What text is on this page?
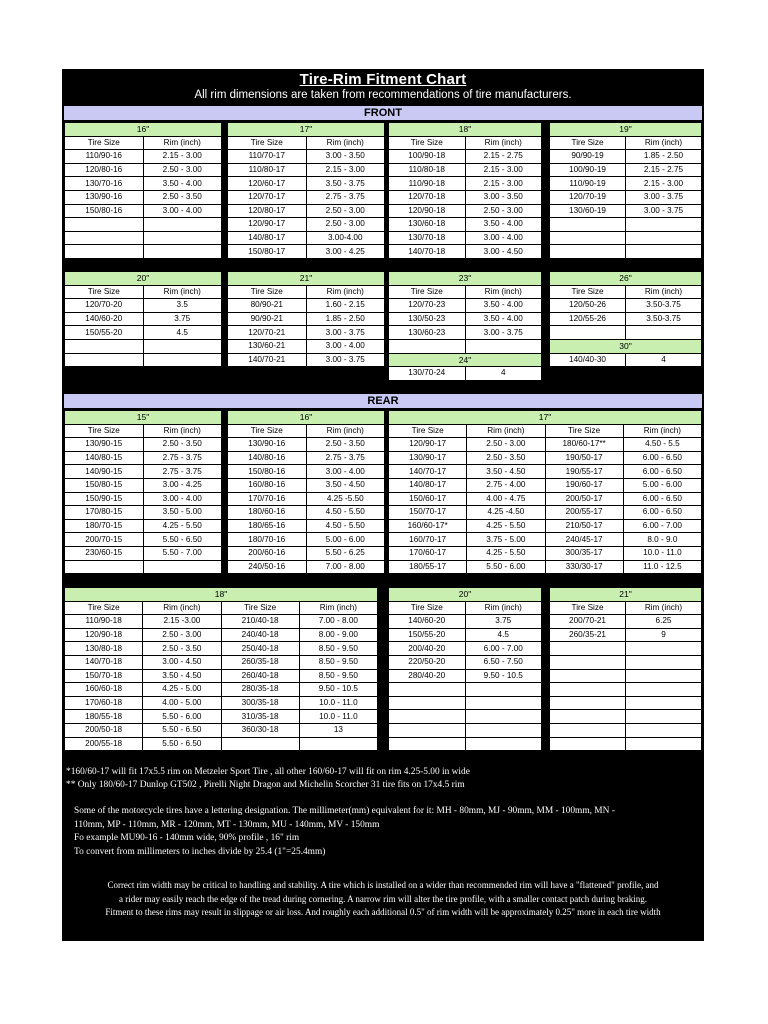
Tire-Rim Fitment Chart
All rim dimensions are taken from recommendations of tire manufacturers.
FRONT
16"	
Tire Size	Rim (inch)
110/90-16	2.15 - 3.00
120/80-16	2.50 - 3.00
130/70-16	3.50 - 4.00
130/90-16	2.50 - 3.50
150/80-16	3.00 - 4.00

17"	
Tire Size	Rim (inch)
110/70-17	3.00 - 3.50
110/80-17	2.15 - 3.00
120/60-17	3.50 - 3.75
120/70-17	2.75 - 3.75
120/80-17	2.50 - 3.00
120/90-17	2.50 - 3.00
140/80-17	3.00-4.00
150/80-17	3.00 - 4.25
18"	
Tire Size	Rim (inch)
100/90-18	2.15 - 2.75
110/80-18	2.15 - 3.00
110/90-18	2.15 - 3.00
120/70-18	3.00 - 3.50
120/90-18	2.50 - 3.00
130/60-18	3.50 - 4.00
130/70-18	3.00 - 4.00
140/70-18	3.00 - 4.50
19"	
Tire Size	Rim (inch)
90/90-19	1.85 - 2.50
100/90-19	2.15 - 2.75
110/90-19	2.15 - 3.00
120/70-19	3.00 - 3.75
130/60-19	3.00 - 3.75

20"	
Tire Size	Rim (inch)
120/70-20	3.5
140/60-20	3.75
150/55-20	4.5

21"	
Tire Size	Rim (inch)
80/90-21	1.60 - 2.15
90/90-21	1.85 - 2.50
120/70-21	3.00 - 3.75
130/60-21	3.00 - 4.00
140/70-21	3.00 - 3.75
23"	
Tire Size	Rim (inch)
120/70-23	3.50 - 4.00
130/50-23	3.50 - 4.00
130/60-23	3.00 - 3.75

24"	
130/70-24	4
26"	
Tire Size	Rim (inch)
120/50-26	3.50-3.75
120/55-26	3.50-3.75

30"	
140/40-30	4
REAR
15"	
Tire Size	Rim (inch)
130/90-15	2.50 - 3.50
140/80-15	2.75 - 3.75
140/90-15	2.75 - 3.75
150/80-15	3.00 - 4.25
150/90-15	3.00 - 4.00
170/80-15	3.50 - 5.00
180/70-15	4.25 - 5.50
200/70-15	5.50 - 6.50
230/60-15	5.50 - 7.00

16"	
Tire Size	Rim (inch)
130/90-16	2.50 - 3.50
140/80-16	2.75 - 3.75
150/80-16	3.00 - 4.00
160/80-16	3.50 - 4.50
170/70-16	4.25 -5.50
180/60-16	4.50 - 5.50
180/65-16	4.50 - 5.50
180/70-16	5.00 - 6.00
200/60-16	5.50 - 6.25
240/50-16	7.00 - 8.00
17"			
Tire Size	Rim (inch)	Tire Size	Rim (inch)
120/90-17	2.50 - 3.00	180/60-17**	4.50 - 5.5
130/90-17	2.50 - 3.50	190/50-17	6.00 - 6.50
140/70-17	3.50 - 4.50	190/55-17	6.00 - 6.50
140/80-17	2.75 - 4.00	190/60-17	5.00 - 6.00
150/60-17	4.00 - 4.75	200/50-17	6.00 - 6.50
150/70-17	4.25 -4.50	200/55-17	6.00 - 6.50
160/60-17*	4.25 - 5.50	210/50-17	6.00 - 7.00
160/70-17	3.75 - 5.00	240/45-17	8.0 - 9.0
170/60-17	4.25 - 5.50	300/35-17	10.0 - 11.0
180/55-17	5.50 - 6.00	330/30-17	11.0 - 12.5
18"			
Tire Size	Rim (inch)	Tire Size	Rim (inch)
110/90-18	2.15 -3.00	210/40-18	7.00 - 8.00
120/90-18	2.50 - 3.00	240/40-18	8.00 - 9.00
130/80-18	2.50 - 3.50	250/40-18	8.50 - 9.50
140/70-18	3.00 - 4.50	260/35-18	8.50 - 9.50
150/70-18	3.50 - 4.50	260/40-18	8.50 - 9.50
160/60-18	4.25 - 5.00	280/35-18	9.50 - 10.5
170/60-18	4.00 - 5.00	300/35-18	10.0 - 11.0
180/55-18	5.50 - 6.00	310/35-18	10.0 - 11.0
200/50-18	5.50 - 6.50	360/30-18	13
200/55-18	5.50 - 6.50		
20"	
Tire Size	Rim (inch)
140/60-20	3.75
150/55-20	4.5
200/40-20	6.00 - 7.00
220/50-20	6.50 - 7.50
280/40-20	9.50 - 10.5

21"	
Tire Size	Rim (inch)
200/70-21	6.25
260/35-21	9

*160/60-17 will fit 17x5.5 rim on Metzeler Sport Tire , all other 160/60-17 will fit on rim 4.25-5.00 in wide
** Only 180/60-17 Dunlop GT502 , Pirelli Night Dragon and Michelin Scorcher 31 tire fits on 17x4.5 rim
Some of the motorcycle tires have a lettering designation. The millimeter(mm) equivalent for it: MH - 80mm, MJ - 90mm, MM - 100mm, MN -
110mm, MP - 110mm, MR - 120mm, MT - 130mm, MU - 140mm, MV - 150mm
Fo example MU90-16 - 140mm wide, 90% profile , 16" rim
To convert from millimeters to inches divide by 25.4 (1"=25.4mm)
Correct rim width may be critical to handling and stability. A tire which is installed on a wider than recommended rim will have a "flattened" profile, and
a rider may easily reach the edge of the tread during cornering. A narrow rim will alter the tire profile, with a smaller contact patch during braking.
Fitment to these rims may result in slippage or air loss. And roughly each additional 0.5" of rim width will be approximately 0.25" more in each tire width
